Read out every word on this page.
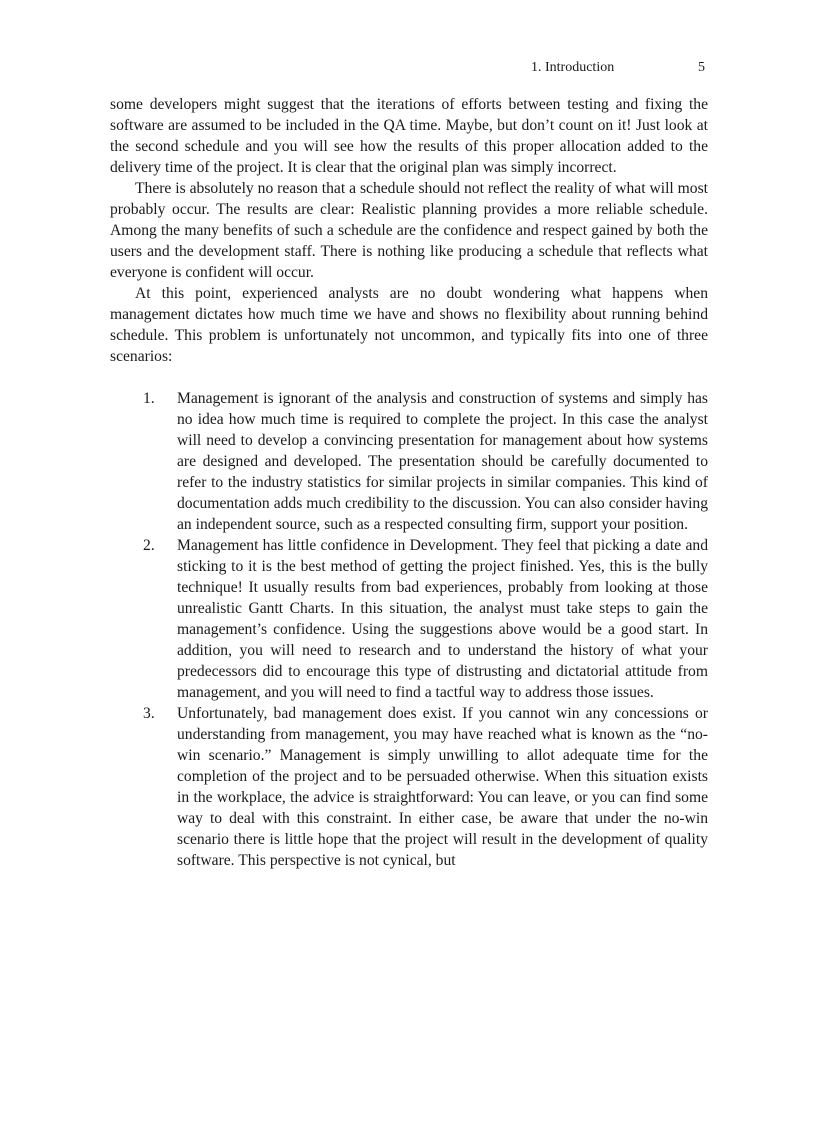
1. Introduction	5

some developers might suggest that the iterations of efforts between testing and fixing the software are assumed to be included in the QA time. Maybe, but don’t count on it! Just look at the second schedule and you will see how the results of this proper allocation added to the delivery time of the project. It is clear that the original plan was simply incorrect.

There is absolutely no reason that a schedule should not reflect the reality of what will most probably occur. The results are clear: Realistic planning provides a more reliable schedule. Among the many benefits of such a schedule are the confidence and respect gained by both the users and the development staff. There is nothing like producing a schedule that reflects what everyone is confident will occur.

At this point, experienced analysts are no doubt wondering what happens when management dictates how much time we have and shows no flexibility about running behind schedule. This problem is unfortunately not uncommon, and typically fits into one of three scenarios:

1. Management is ignorant of the analysis and construction of systems and simply has no idea how much time is required to complete the project. In this case the analyst will need to develop a convincing presentation for management about how systems are designed and developed. The presentation should be carefully documented to refer to the industry statistics for similar projects in similar companies. This kind of documentation adds much credibility to the discussion. You can also consider having an independent source, such as a respected consulting firm, support your position.
2. Management has little confidence in Development. They feel that picking a date and sticking to it is the best method of getting the project finished. Yes, this is the bully technique! It usually results from bad experiences, probably from looking at those unrealistic Gantt Charts. In this situation, the analyst must take steps to gain the management’s confidence. Using the suggestions above would be a good start. In addition, you will need to research and to understand the history of what your predecessors did to encourage this type of distrusting and dictatorial attitude from management, and you will need to find a tactful way to address those issues.
3. Unfortunately, bad management does exist. If you cannot win any concessions or understanding from management, you may have reached what is known as the “no-win scenario.” Management is simply unwilling to allot adequate time for the completion of the project and to be persuaded otherwise. When this situation exists in the workplace, the advice is straightforward: You can leave, or you can find some way to deal with this constraint. In either case, be aware that under the no-win scenario there is little hope that the project will result in the development of quality software. This perspective is not cynical, but
